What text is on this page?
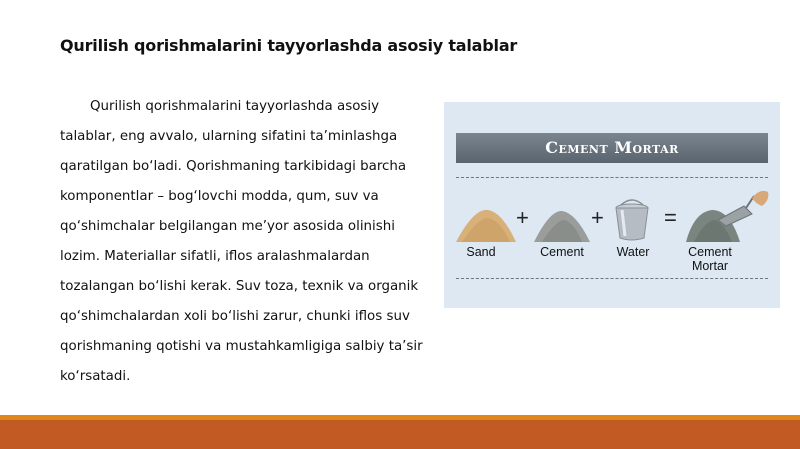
Qurilish qorishmalarini tayyorlashda asosiy talablar
Qurilish qorishmalarini tayyorlashda asosiy
talablar, eng avvalo, ularning sifatini ta’minlashga
qaratilgan bo‘ladi. Qorishmaning tarkibidagi barcha
komponentlar – bog‘lovchi modda, qum, suv va
qo‘shimchalar belgilangan me’yor asosida olinishi
lozim. Materiallar sifatli, iflos aralashmalardan
tozalangan bo‘lishi kerak. Suv toza, texnik va organik
qo‘shimchalardan xoli bo‘lishi zarur, chunki iflos suv
qorishmaning qotishi va mustahkamligiga salbiy ta’sir
ko‘rsatadi.
Cement Mortar
Sand
+
Cement
+
Water
=
Cement
Mortar
